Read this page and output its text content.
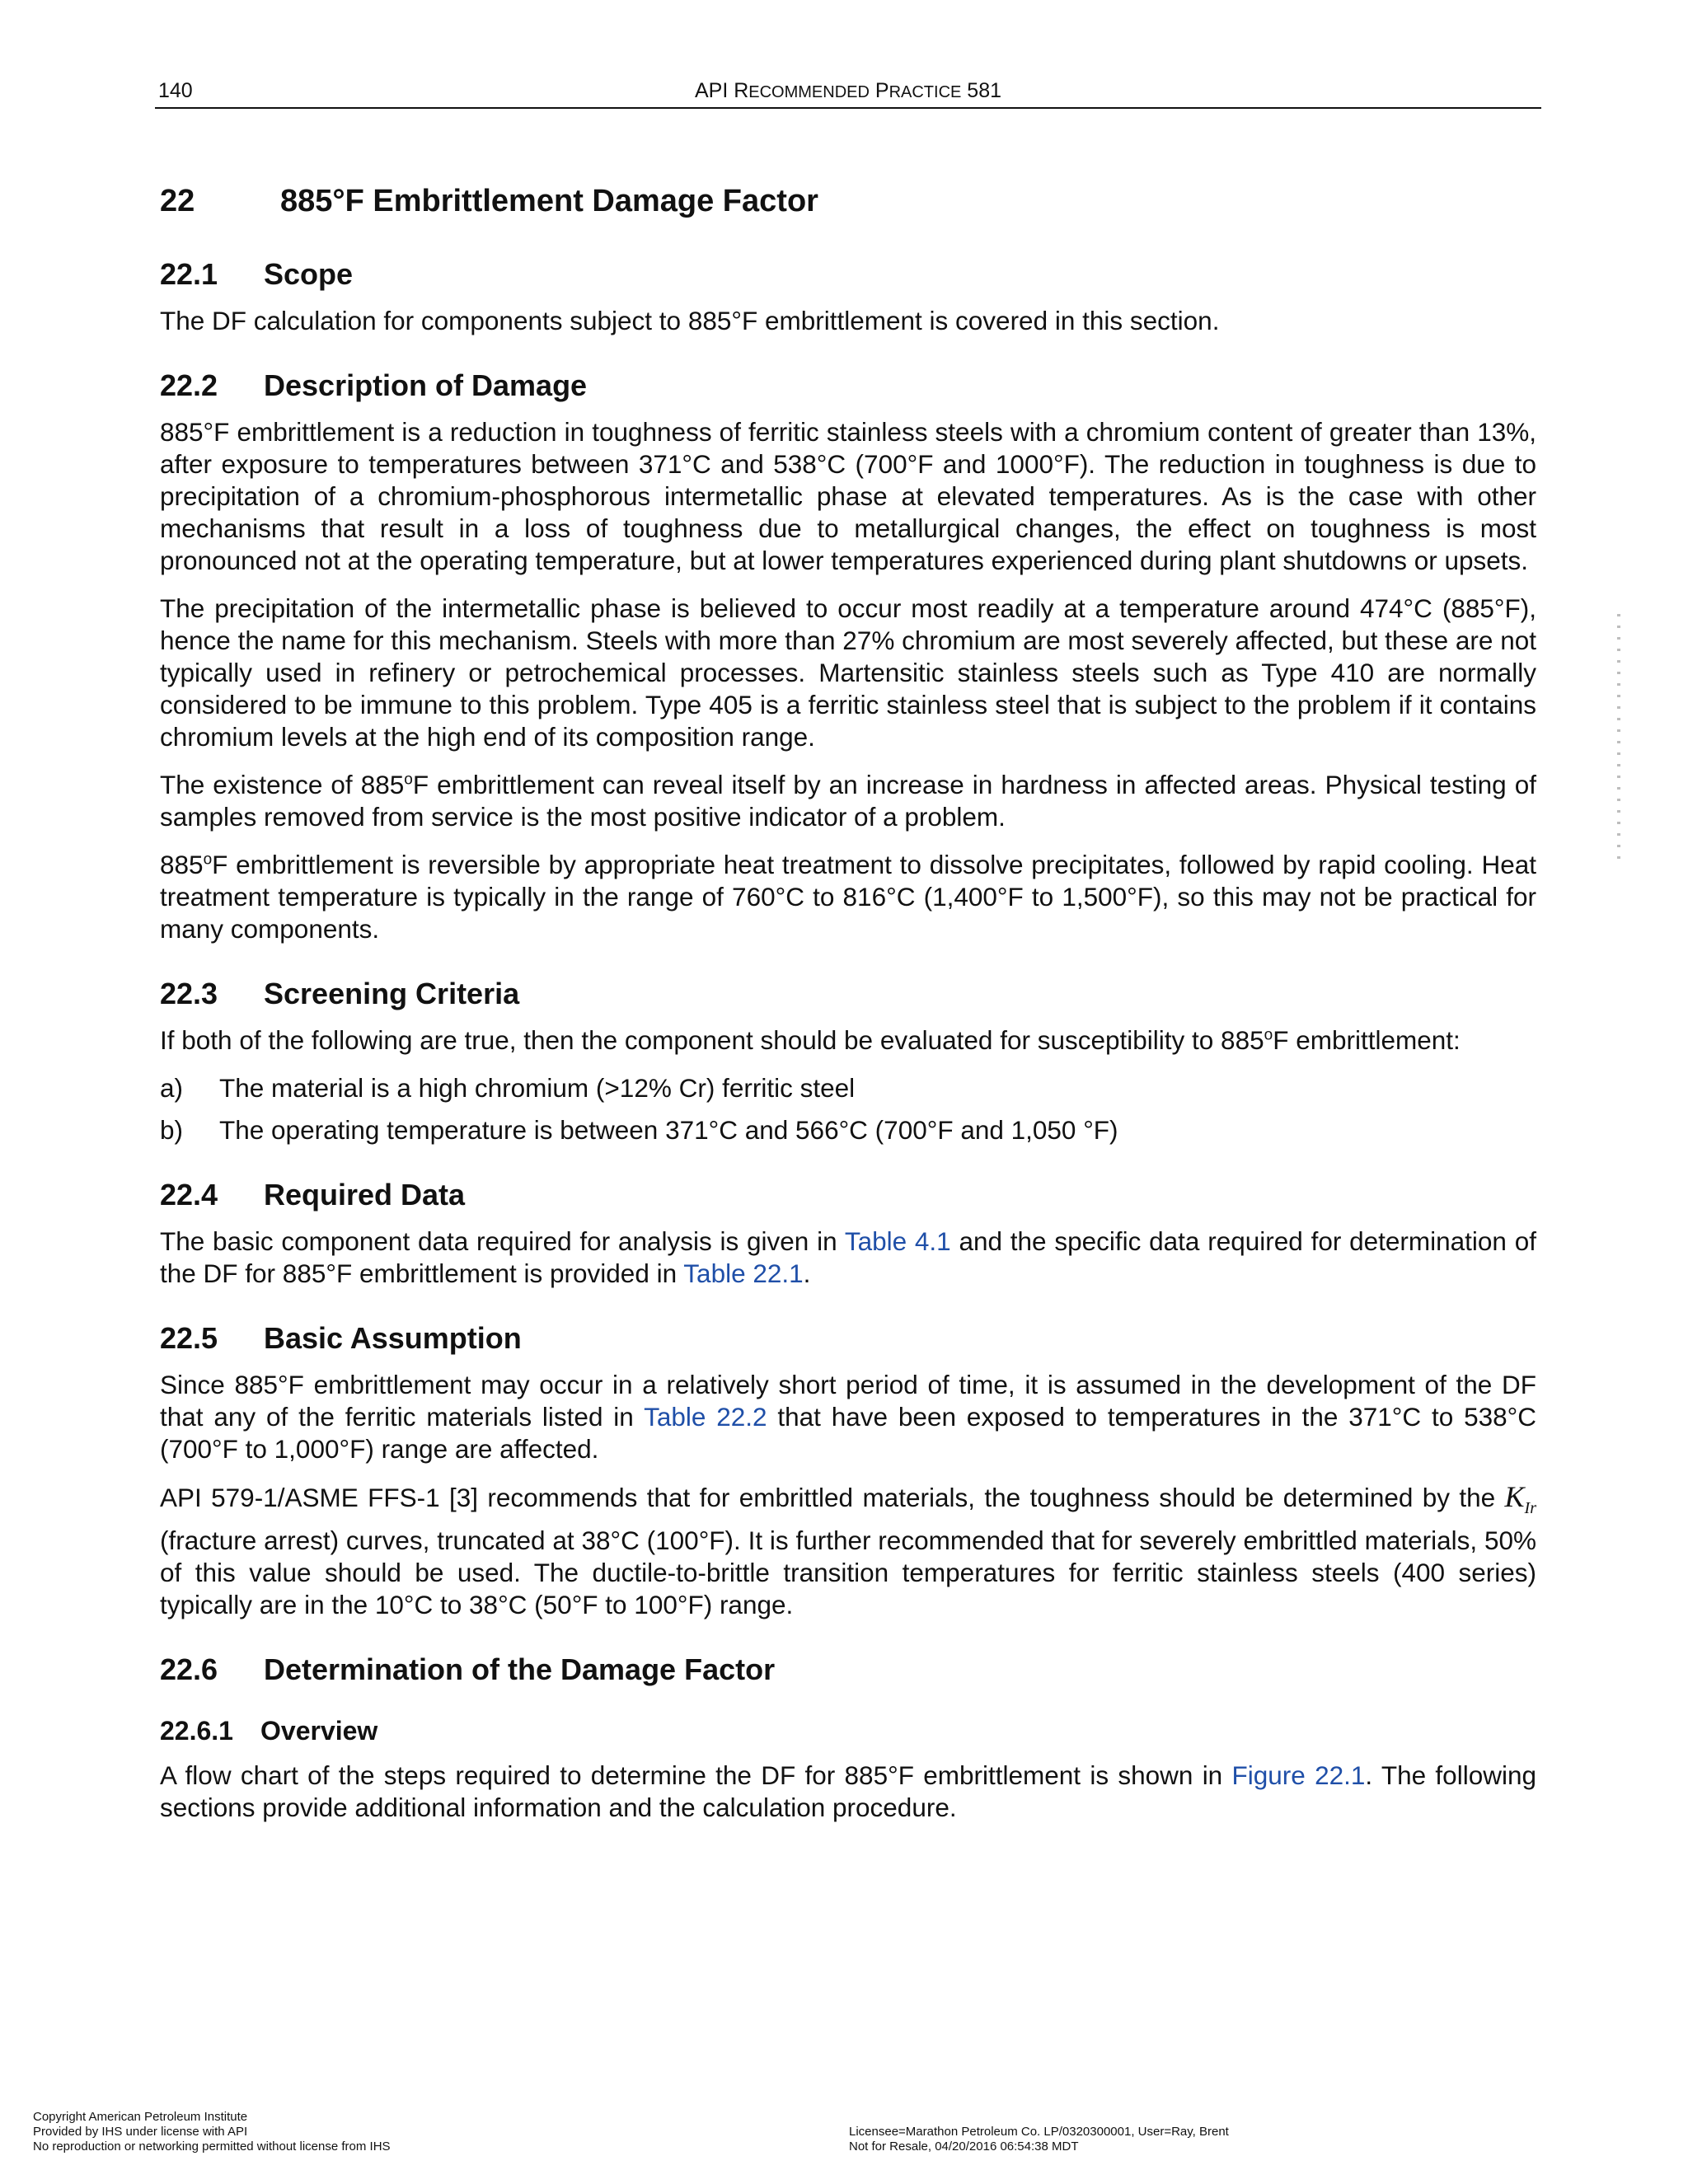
140	API RECOMMENDED PRACTICE 581
22	885°F Embrittlement Damage Factor
22.1 Scope

The DF calculation for components subject to 885°F embrittlement is covered in this section.

22.2 Description of Damage

885°F embrittlement is a reduction in toughness of ferritic stainless steels with a chromium content of greater than 13%, after exposure to temperatures between 371°C and 538°C (700°F and 1000°F). The reduction in toughness is due to precipitation of a chromium-phosphorous intermetallic phase at elevated temperatures. As is the case with other mechanisms that result in a loss of toughness due to metallurgical changes, the effect on toughness is most pronounced not at the operating temperature, but at lower temperatures experienced during plant shutdowns or upsets.

The precipitation of the intermetallic phase is believed to occur most readily at a temperature around 474°C (885°F), hence the name for this mechanism. Steels with more than 27% chromium are most severely affected, but these are not typically used in refinery or petrochemical processes. Martensitic stainless steels such as Type 410 are normally considered to be immune to this problem. Type 405 is a ferritic stainless steel that is subject to the problem if it contains chromium levels at the high end of its composition range.

The existence of 885$^o$F embrittlement can reveal itself by an increase in hardness in affected areas. Physical testing of samples removed from service is the most positive indicator of a problem.

885$^o$F embrittlement is reversible by appropriate heat treatment to dissolve precipitates, followed by rapid cooling. Heat treatment temperature is typically in the range of 760°C to 816°C (1,400°F to 1,500°F), so this may not be practical for many components.

22.3 Screening Criteria

If both of the following are true, then the component should be evaluated for susceptibility to 885$^o$F embrittlement:

a) The material is a high chromium (>12% Cr) ferritic steel
b) The operating temperature is between 371°C and 566°C (700°F and 1,050 °F)
22.4 Required Data

The basic component data required for analysis is given in Table 4.1 and the specific data required for determination of the DF for 885°F embrittlement is provided in Table 22.1.

22.5 Basic Assumption

Since 885°F embrittlement may occur in a relatively short period of time, it is assumed in the development of the DF that any of the ferritic materials listed in Table 22.2 that have been exposed to temperatures in the 371°C to 538°C (700°F to 1,000°F) range are affected.

API 579-1/ASME FFS-1 [3] recommends that for embrittled materials, the toughness should be determined by the $K_{Ir}$ (fracture arrest) curves, truncated at 38°C (100°F). It is further recommended that for severely embrittled materials, 50% of this value should be used. The ductile-to-brittle transition temperatures for ferritic stainless steels (400 series) typically are in the 10°C to 38°C (50°F to 100°F) range.

22.6 Determination of the Damage Factor
22.6.1 Overview

A flow chart of the steps required to determine the DF for 885°F embrittlement is shown in Figure 22.1. The following sections provide additional information and the calculation procedure.

Copyright American Petroleum Institute
Provided by IHS under license with API
No reproduction or networking permitted without license from IHS
Licensee=Marathon Petroleum Co. LP/0320300001, User=Ray, Brent
Not for Resale, 04/20/2016 06:54:38 MDT
